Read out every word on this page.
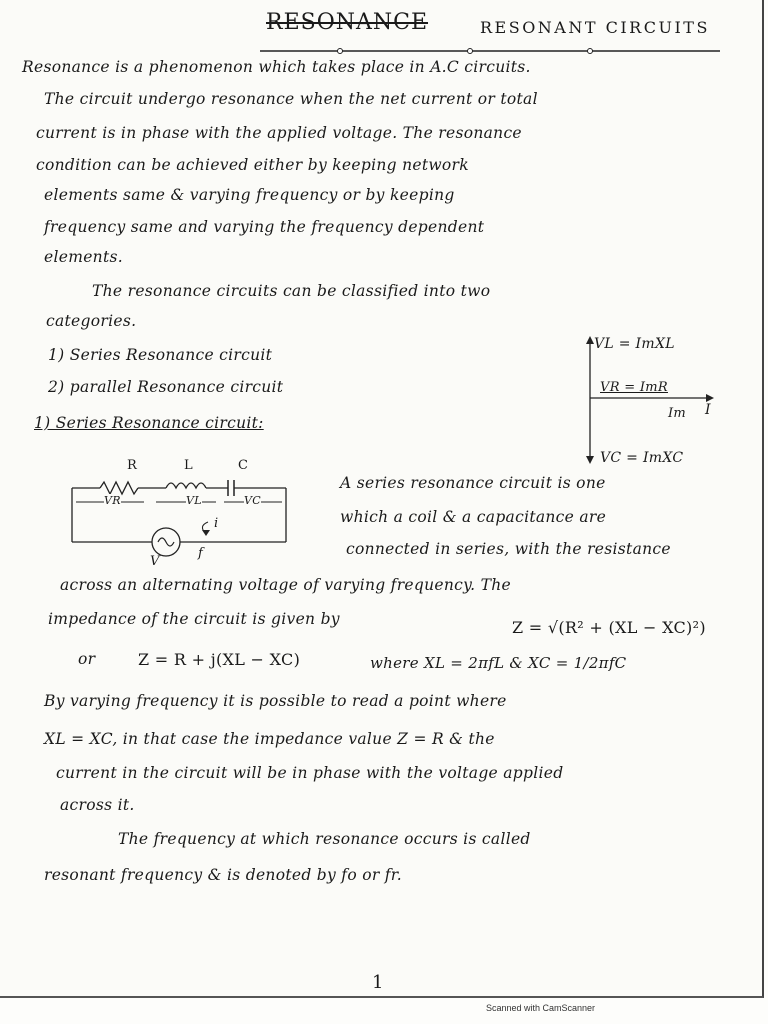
RESONANCE	RESONANT CIRCUITS
Resonance is a phenomenon which takes place in A.C circuits.
The circuit undergo resonance when the net current or total
current is in phase with the applied voltage. The resonance
condition can be achieved either by keeping network
elements same & varying frequency or by keeping
frequency same and varying the frequency dependent
elements.
The resonance circuits can be classified into two
categories.
1) Series Resonance circuit
2) parallel Resonance circuit
1) Series Resonance circuit:
VL = ImXL
VR = ImR
Im I
VC = ImXC
R	L	C
VR	VL	VC
i
V
f
A series resonance circuit is one
which a coil & a capacitance are
connected in series, with the resistance
across an alternating voltage of varying frequency. The
impedance of the circuit is given by	Z = √(R² + (XL − XC)²)
or	Z = R + j(XL − XC)	where XL = 2πfL & XC = 1/2πfC
By varying frequency it is possible to read a point where
XL = XC, in that case the impedance value Z = R & the
current in the circuit will be in phase with the voltage applied
across it.
The frequency at which resonance occurs is called
resonant frequency & is denoted by fo or fr.
1
Scanned with CamScanner
